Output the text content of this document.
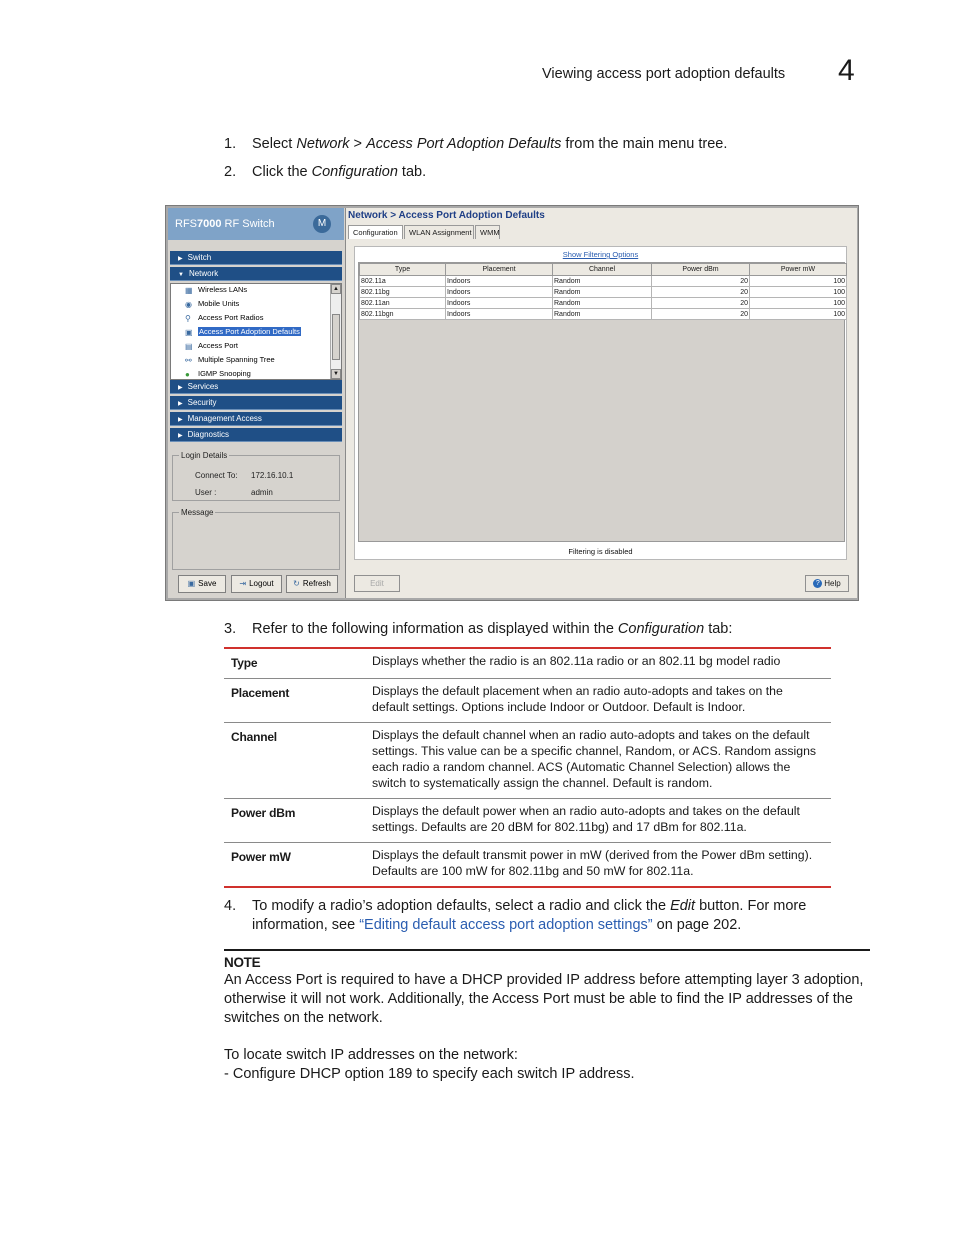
Viewing access port adoption defaults 4
1. Select Network > Access Port Adoption Defaults from the main menu tree.
2. Click the Configuration tab.
RFS7000 RF Switch	M
▶ Switch
▼ Network
▦ Wireless LANs
◉ Mobile Units
⚲ Access Port Radios
▣ Access Port Adoption Defaults
▤ Access Port
⚯ Multiple Spanning Tree
● IGMP Snooping
▲
▼
▶ Services
▶ Security
▶ Management Access
▶ Diagnostics
Login Details
Connect To: 172.16.10.1
User :	admin
Message
▣ Save	⇥ Logout	↻ Refresh
Network > Access Port Adoption Defaults
Configuration	WLAN Assignment	WMM
Show Filtering Options
Type	Placement	Channel	Power dBm	Power mW
802.11a	Indoors	Random	20	100
802.11bg	Indoors	Random	20	100
802.11an	Indoors	Random	20	100
802.11bgn	Indoors	Random	20	100
Filtering is disabled
Edit	? Help
3. Refer to the following information as displayed within the Configuration tab:
Type	Displays whether the radio is an 802.11a radio or an 802.11 bg model radio
Placement	Displays the default placement when an radio auto-adopts and takes on the default settings. Options include Indoor or Outdoor. Default is Indoor.
Channel	Displays the default channel when an radio auto-adopts and takes on the default settings. This value can be a specific channel, Random, or ACS. Random assigns each radio a random channel. ACS (Automatic Channel Selection) allows the switch to systematically assign the channel. Default is random.
Power dBm	Displays the default power when an radio auto-adopts and takes on the default settings. Defaults are 20 dBM for 802.11bg) and 17 dBm for 802.11a.
Power mW	Displays the default transmit power in mW (derived from the Power dBm setting). Defaults are 100 mW for 802.11bg and 50 mW for 802.11a.
4. To modify a radio’s adoption defaults, select a radio and click the Edit button. For more
information, see “Editing default access port adoption settings” on page 202.
NOTE
An Access Port is required to have a DHCP provided IP address before attempting layer 3 adoption, otherwise it will not work. Additionally, the Access Port must be able to find the IP addresses of the switches on the network.
To locate switch IP addresses on the network:
- Configure DHCP option 189 to specify each switch IP address.
